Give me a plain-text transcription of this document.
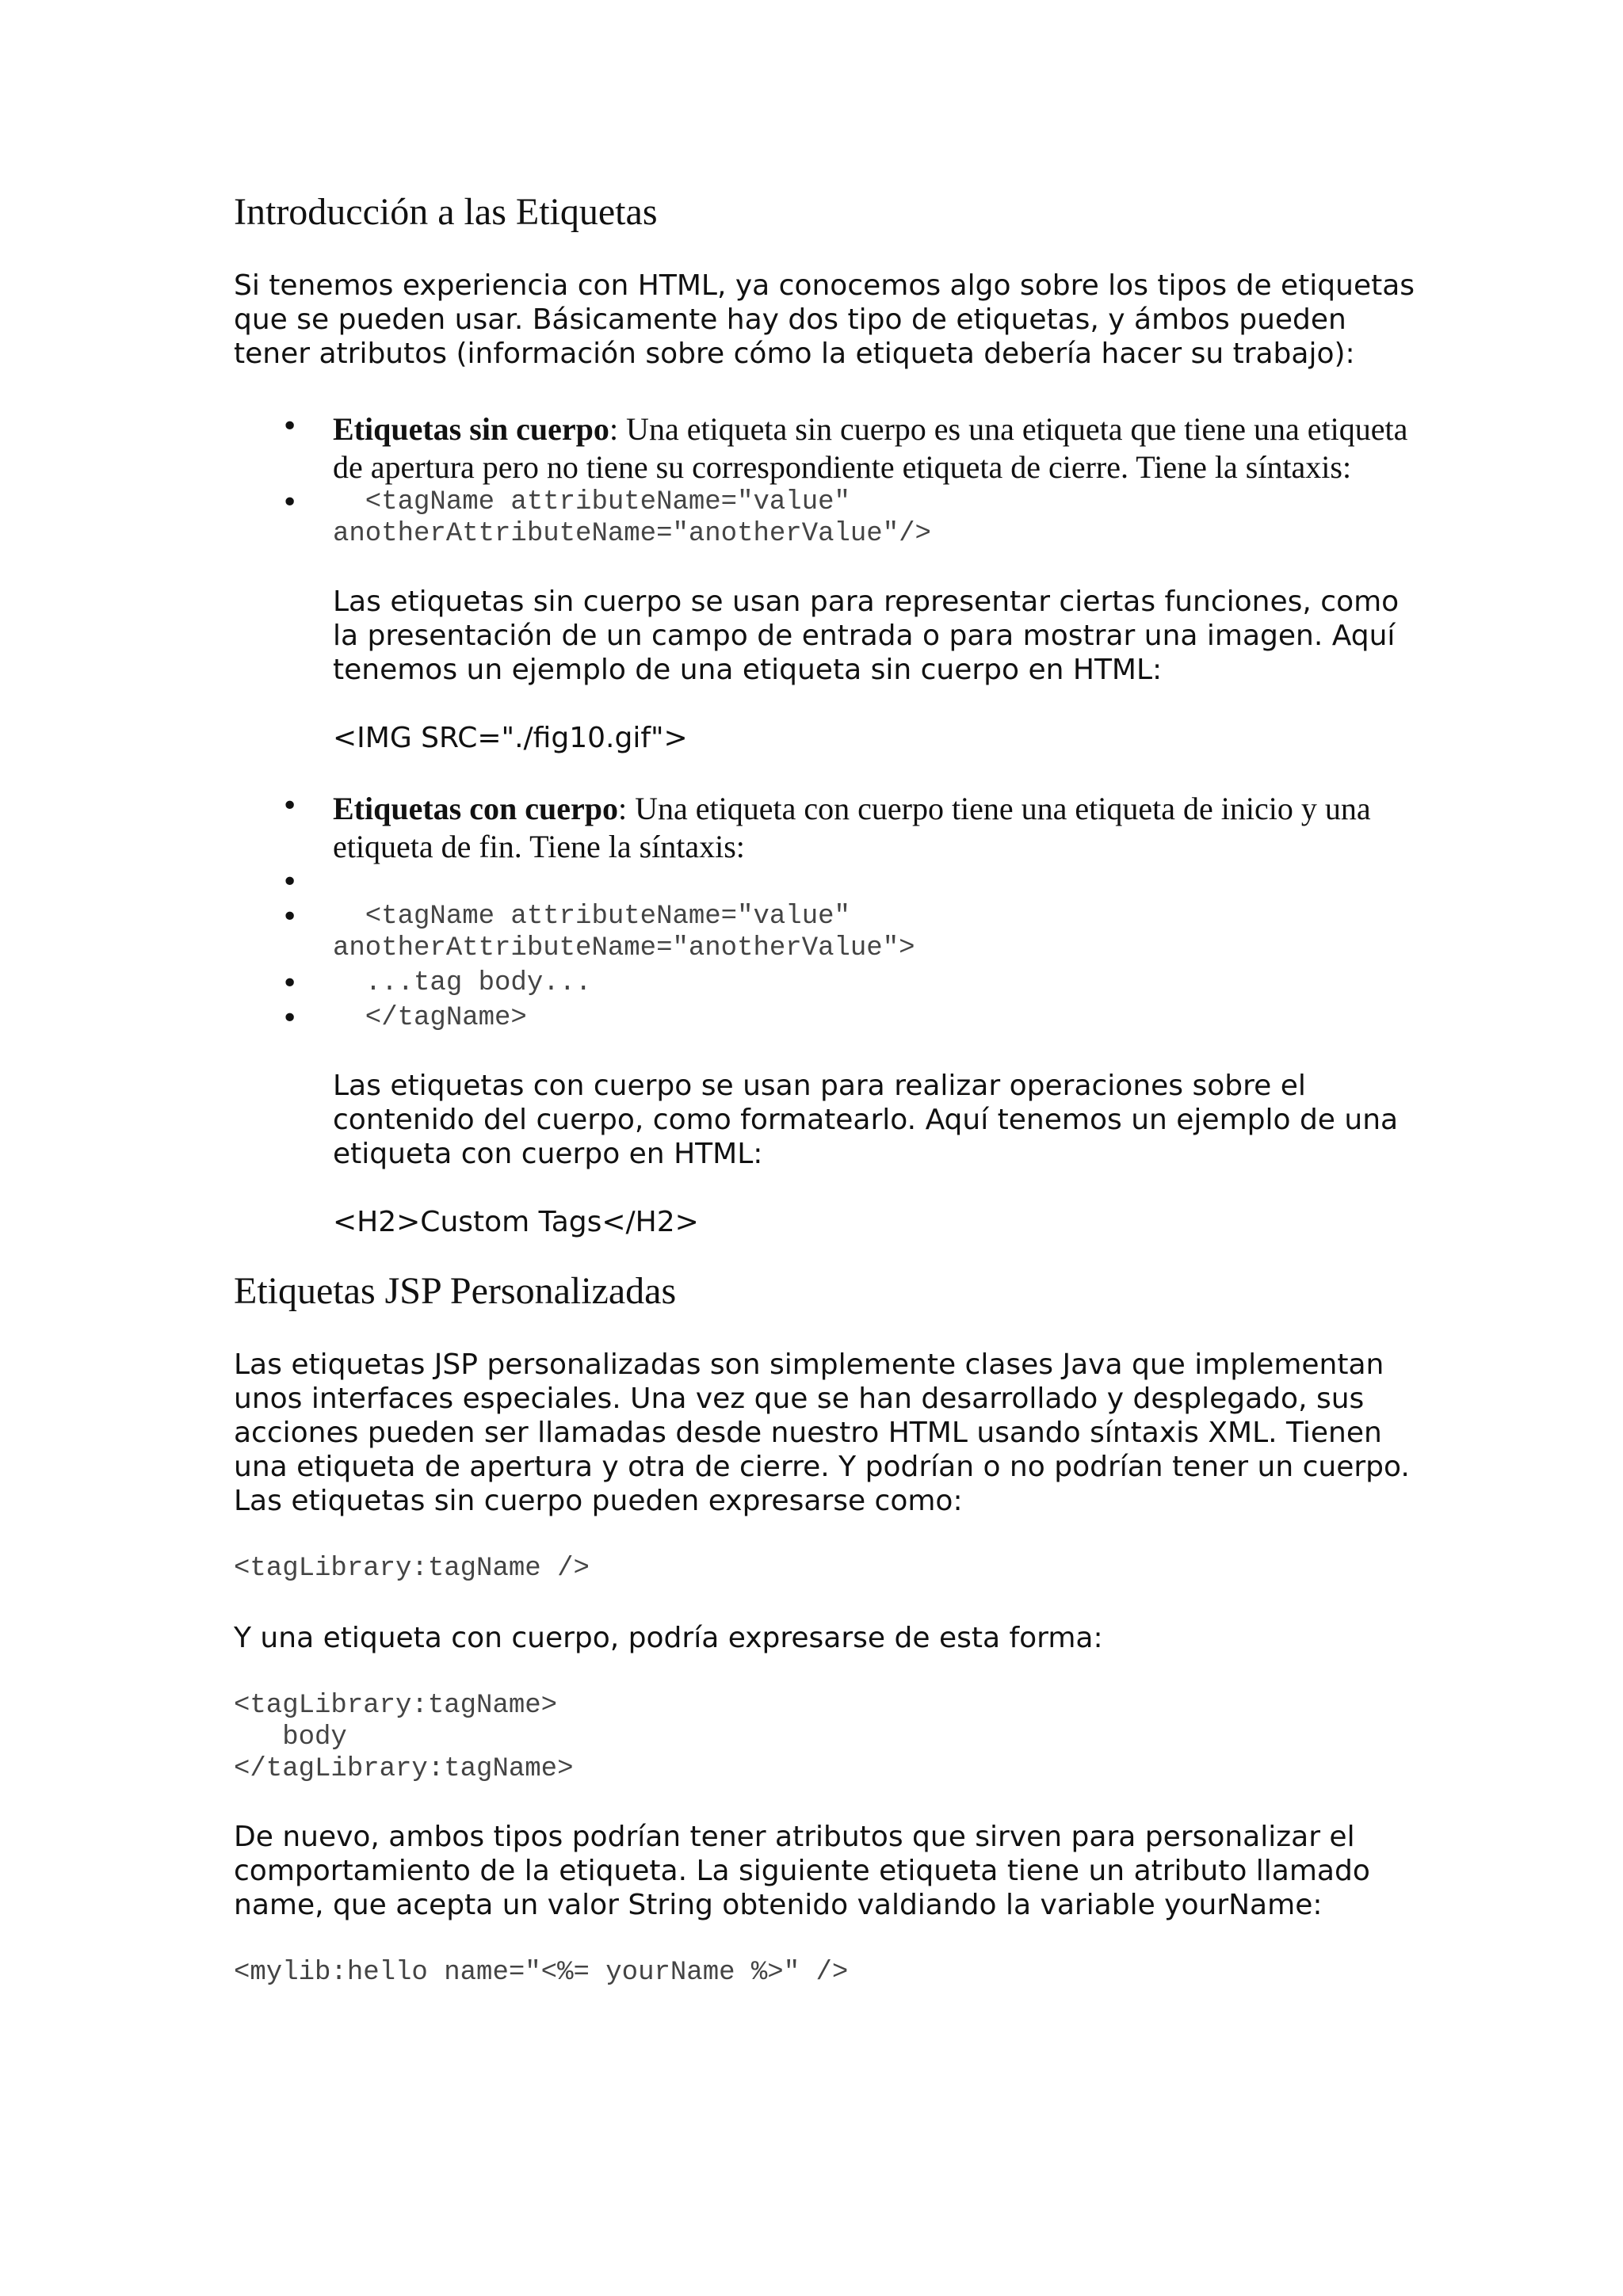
Introducción a las Etiquetas

Si tenemos experiencia con HTML, ya conocemos algo sobre los tipos de etiquetas que se pueden usar. Básicamente hay dos tipo de etiquetas, y ámbos pueden tener atributos (información sobre cómo la etiqueta debería hacer su trabajo):

• Etiquetas sin cuerpo: Una etiqueta sin cuerpo es una etiqueta que tiene una etiqueta de apertura pero no tiene su correspondiente etiqueta de cierre. Tiene la síntaxis:

•   <tagName attributeName="value"
anotherAttributeName="anotherValue"/>

Las etiquetas sin cuerpo se usan para representar ciertas funciones, como la presentación de un campo de entrada o para mostrar una imagen. Aquí tenemos un ejemplo de una etiqueta sin cuerpo en HTML:

<IMG SRC="./fig10.gif">

• Etiquetas con cuerpo: Una etiqueta con cuerpo tiene una etiqueta de inicio y una etiqueta de fin. Tiene la síntaxis:

•

•   <tagName attributeName="value"
anotherAttributeName="anotherValue">

•   ...tag body...

•   </tagName>

Las etiquetas con cuerpo se usan para realizar operaciones sobre el contenido del cuerpo, como formatearlo. Aquí tenemos un ejemplo de una etiqueta con cuerpo en HTML:

<H2>Custom Tags</H2>

Etiquetas JSP Personalizadas

Las etiquetas JSP personalizadas son simplemente clases Java que implementan unos interfaces especiales. Una vez que se han desarrollado y desplegado, sus acciones pueden ser llamadas desde nuestro HTML usando síntaxis XML. Tienen una etiqueta de apertura y otra de cierre. Y podrían o no podrían tener un cuerpo. Las etiquetas sin cuerpo pueden expresarse como:

<tagLibrary:tagName />

Y una etiqueta con cuerpo, podría expresarse de esta forma:

<tagLibrary:tagName>
body
</tagLibrary:tagName>

De nuevo, ambos tipos podrían tener atributos que sirven para personalizar el comportamiento de la etiqueta. La siguiente etiqueta tiene un atributo llamado name, que acepta un valor String obtenido valdiando la variable yourName:

<mylib:hello name="<%= yourName %>" />
